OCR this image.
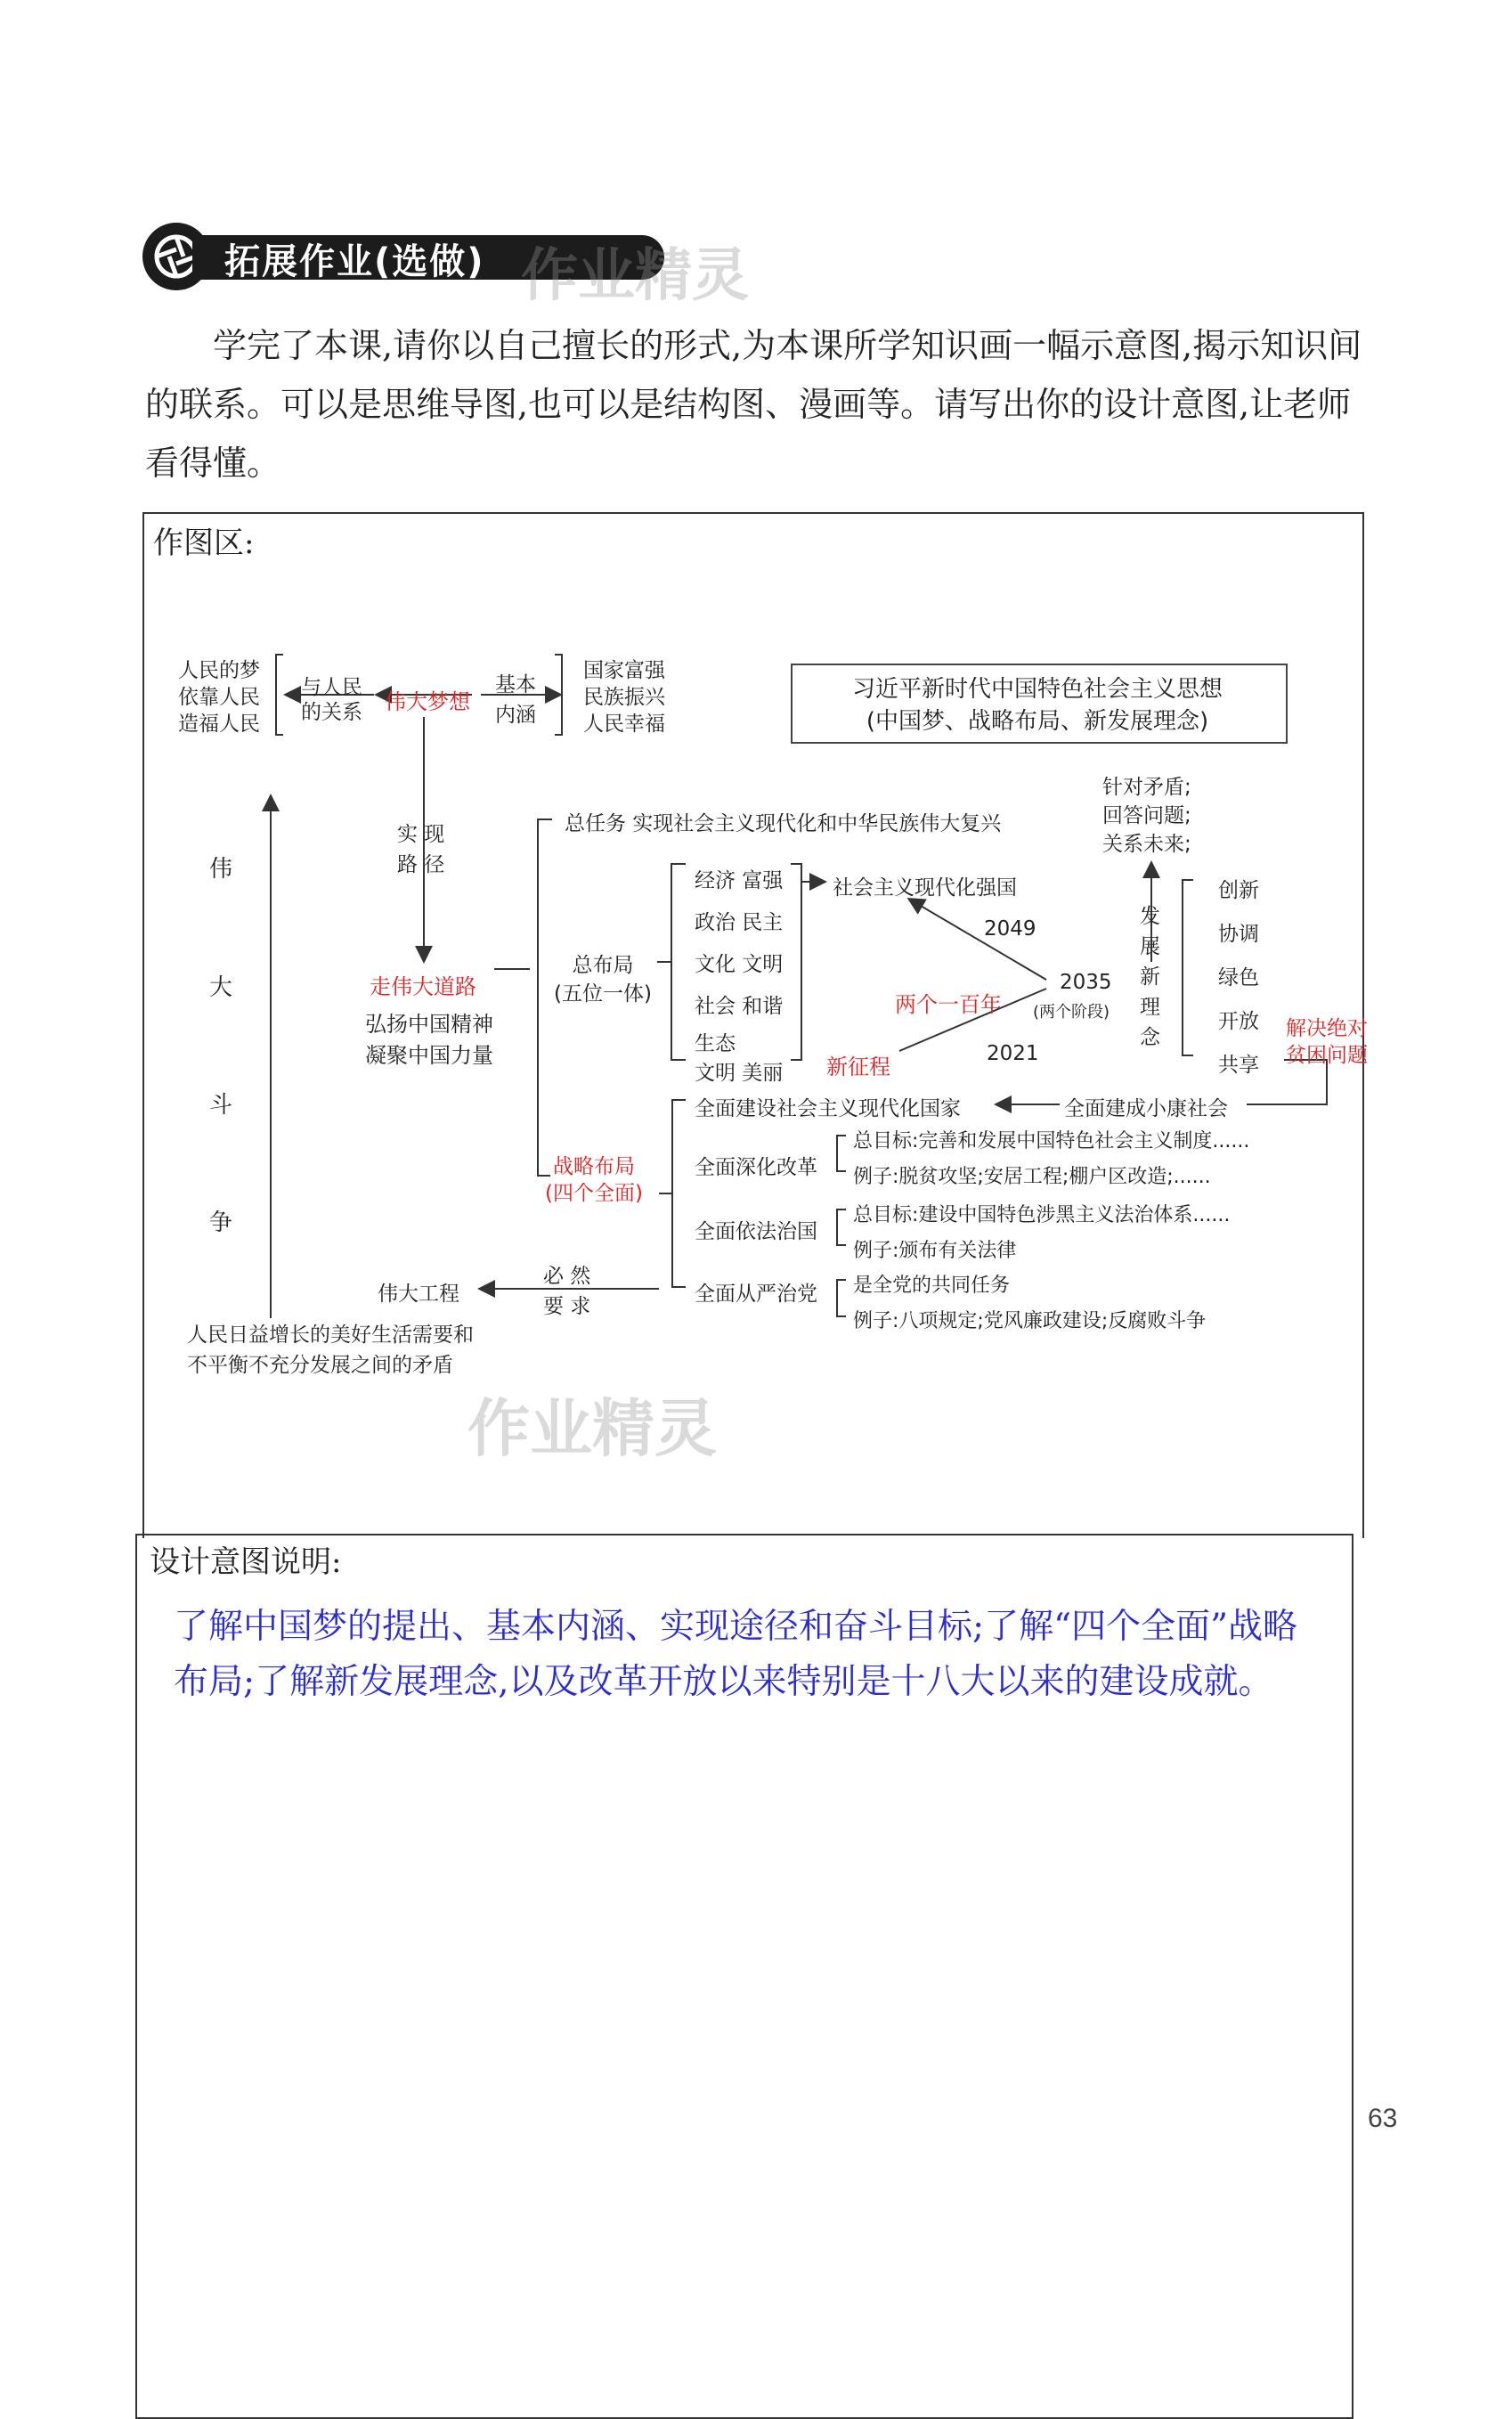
拓展作业(选做) 作业精灵
学完了本课,请你以自己擅长的形式,为本课所学知识画一幅示意图,揭示知识间的联系。可以是思维导图,也可以是结构图、漫画等。请写出你的设计意图,让老师看得懂。
作图区:
人民的梦
依靠人民
造福人民
与人民
的关系 伟大梦想
基本
内涵
国家富强
民族振兴
人民幸福
习近平新时代中国特色社会主义思想
(中国梦、战略布局、新发展理念)
实 现
路 径
走伟大道路
弘扬中国精神
凝聚中国力量
伟
大
斗
争
总任务 实现社会主义现代化和中华民族伟大复兴
总布局
(五位一体)
经济 富强
政治 民主
文化 文明
社会 和谐
生态
文明 美丽
社会主义现代化强国
2049
2035
(两个阶段)
2021
两个一百年
新征程
针对矛盾;
回答问题;
关系未来;
发
展
新
理
念
创新
协调
绿色
开放
共享
解决绝对
贫困问题
战略布局
(四个全面)
全面建设社会主义现代化国家	全面建成小康社会
全面深化改革
全面依法治国
全面从严治党
总目标:完善和发展中国特色社会主义制度......
例子:脱贫攻坚;安居工程;棚户区改造;......
总目标:建设中国特色涉黑主义法治体系......
例子:颁布有关法律
是全党的共同任务
例子:八项规定;党风廉政建设;反腐败斗争
伟大工程
必 然
要 求
人民日益增长的美好生活需要和
不平衡不充分发展之间的矛盾
作业精灵
设计意图说明:
了解中国梦的提出、基本内涵、实现途径和奋斗目标;了解“四个全面”战略布局;了解新发展理念,以及改革开放以来特别是十八大以来的建设成就。
63
